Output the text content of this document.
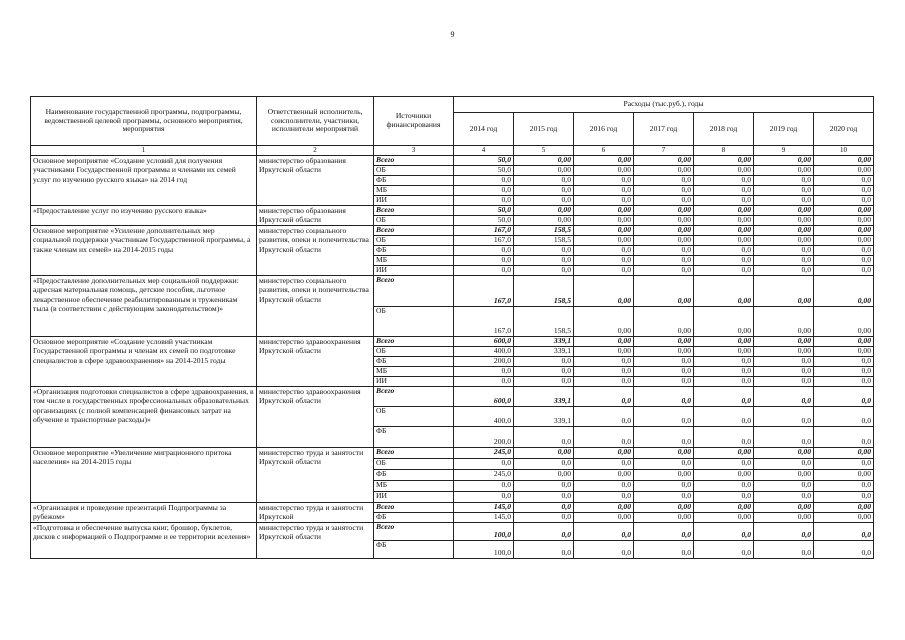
9
Наименование государственной программы, подпрограммы, ведомственной целевой программы, основного мероприятия, мероприятия	Ответственный исполнитель, соисполнители, участники, исполнители мероприятий	Источники финансирования	Расходы (тыс.руб.), годы						
			2014 год	2015 год	2016 год	2017 год	2018 год	2019 год	2020 год
1	2	3	4	5	6	7	8	9	10
Основное мероприятие «Создание условий для получения участниками Государственной программы и членами их семей услуг по изучению русского языка» на 2014 год	министерство образования Иркутской области	Всего	50,0	0,00	0,00	0,00	0,00	0,00	0,00
		ОБ	50,0	0,00	0,00	0,00	0,00	0,00	0,00
		ФБ	0,0	0,0	0,0	0,0	0,0	0,0	0,0
		МБ	0,0	0,0	0,0	0,0	0,0	0,0	0,0
		ИИ	0,0	0,0	0,0	0,0	0,0	0,0	0,0
«Предоставление услуг по изучению русского языка»	министерство образования Иркутской области	Всего	50,0	0,00	0,00	0,00	0,00	0,00	0,00
		ОБ	50,0	0,00	0,00	0,00	0,00	0,00	0,00
Основное мероприятие «Усиление дополнительных мер социальной поддержки участникам Государственной программы, а также членам их семей» на 2014-2015 годы	министерство социального развития, опеки и попечительства Иркутской области	Всего	167,0	158,5	0,00	0,00	0,00	0,00	0,00
		ОБ	167,0	158,5	0,00	0,00	0,00	0,00	0,00
		ФБ	0,0	0,0	0,0	0,0	0,0	0,0	0,0
		МБ	0,0	0,0	0,0	0,0	0,0	0,0	0,0
		ИИ	0,0	0,0	0,0	0,0	0,0	0,0	0,0
«Предоставление дополнительных мер социальной поддержки: адресная материальная помощь, детские пособия, льготное лекарственное обеспечение реабилитированным и труженикам тыла (в соответствии с действующим законодательством)»	министерство социального развития, опеки и попечительства Иркутской области	Всего	167,0	158,5	0,00	0,00	0,00	0,00	0,00
		ОБ	167,0	158,5	0,00	0,00	0,00	0,00	0,00
Основное мероприятие «Создание условий участникам Государственной программы и членам их семей по подготовке специалистов в сфере здравоохранения» на 2014-2015 годы	министерство здравоохранения Иркутской области	Всего	600,0	339,1	0,00	0,00	0,00	0,00	0,00
		ОБ	400,0	339,1	0,00	0,00	0,00	0,00	0,00
		ФБ	200,0	0,0	0,0	0,0	0,0	0,0	0,0
		МБ	0,0	0,0	0,0	0,0	0,0	0,0	0,0
		ИИ	0,0	0,0	0,0	0,0	0,0	0,0	0,0
«Организация подготовки специалистов в сфере здравоохранения, в том числе в государственных профессиональных образовательных организациях (с полной компенсацией финансовых затрат на обучение и транспортные расходы)»	министерство здравоохранения Иркутской области	Всего	600,0	339,1	0,0	0,0	0,0	0,0	0,0
		ОБ	400,0	339,1	0,0	0,0	0,0	0,0	0,0
		ФБ	200,0	0,0	0,0	0,0	0,0	0,0	0,0
Основное мероприятие «Увеличение миграционного притока населения» на 2014-2015 годы	министерство труда и занятости Иркутской области	Всего	245,0	0,00	0,00	0,00	0,00	0,00	0,00
		ОБ	0,0	0,0	0,0	0,0	0,0	0,0	0,0
		ФБ	245,0	0,00	0,00	0,00	0,00	0,00	0,00
		МБ	0,0	0,0	0,0	0,0	0,0	0,0	0,0
		ИИ	0,0	0,0	0,0	0,0	0,0	0,0	0,0
«Организация и проведение презентаций Подпрограммы за рубежом»	министерство труда и занятости Иркутской	Всего	145,0	0,0	0,00	0,00	0,00	0,00	0,00
		ФБ	145,0	0,0	0,00	0,00	0,00	0,00	0,00
«Подготовка и обеспечение выпуска книг, брошюр, буклетов, дисков с информацией о Подпрограмме и ее территории вселения»	министерство труда и занятости Иркутской области	Всего	100,0	0,0	0,0	0,0	0,0	0,0	0,0
		ФБ	100,0	0,0	0,0	0,0	0,0	0,0	0,0
